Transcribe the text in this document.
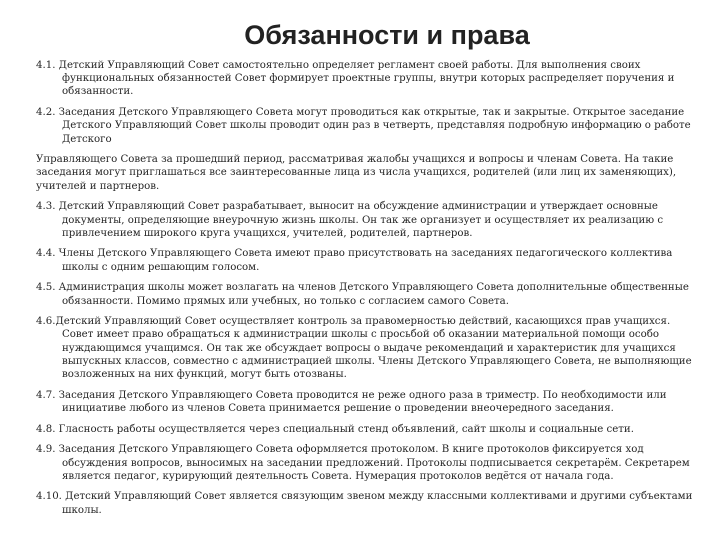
Обязанности и права

4.1. Детский Управляющий Совет самостоятельно определяет регламент своей работы. Для выполнения своих функциональных обязанностей Совет формирует проектные группы, внутри которых распределяет поручения и обязанности.

4.2. Заседания Детского Управляющего Совета могут проводиться как открытые, так и закрытые. Открытое заседание Детского Управляющий Совет школы проводит один раз в четверть, представляя подробную информацию о работе Детского

Управляющего Совета за прошедший период, рассматривая жалобы учащихся и вопросы и членам Совета. На такие заседания могут приглашаться все заинтересованные лица из числа учащихся, родителей (или лиц их заменяющих), учителей и партнеров.

4.3. Детский Управляющий Совет разрабатывает, выносит на обсуждение администрации и утверждает основные документы, определяющие внеурочную жизнь школы. Он так же организует и осуществляет их реализацию с привлечением широкого круга учащихся, учителей, родителей, партнеров.

4.4. Члены Детского Управляющего Совета имеют право присутствовать на заседаниях педагогического коллектива школы с одним решающим голосом.

4.5. Администрация школы может возлагать на членов Детского Управляющего Совета дополнительные общественные обязанности. Помимо прямых или учебных, но только с согласием самого Совета.

4.6.Детский Управляющий Совет осуществляет контроль за правомерностью действий, касающихся прав учащихся. Совет имеет право обращаться к администрации школы с просьбой об оказании материальной помощи особо нуждающимся учащимся. Он так же обсуждает вопросы о выдаче рекомендаций и характеристик для учащихся выпускных классов, совместно с администрацией школы. Члены Детского Управляющего Совета, не выполняющие возложенных на них функций, могут быть отозваны.

4.7. Заседания Детского Управляющего Совета проводится не реже одного раза в триместр. По необходимости или инициативе любого из членов Совета принимается решение о проведении внеочередного заседания.

4.8. Гласность работы осуществляется через специальный стенд объявлений, сайт школы и социальные сети.

4.9. Заседания Детского Управляющего Совета оформляется протоколом. В книге протоколов фиксируется ход обсуждения вопросов, выносимых на заседании предложений. Протоколы подписывается секретарём. Секретарем является педагог, курирующий деятельность Совета. Нумерация протоколов ведётся от начала года.

4.10. Детский Управляющий Совет является связующим звеном между классными коллективами и другими субъектами школы.
